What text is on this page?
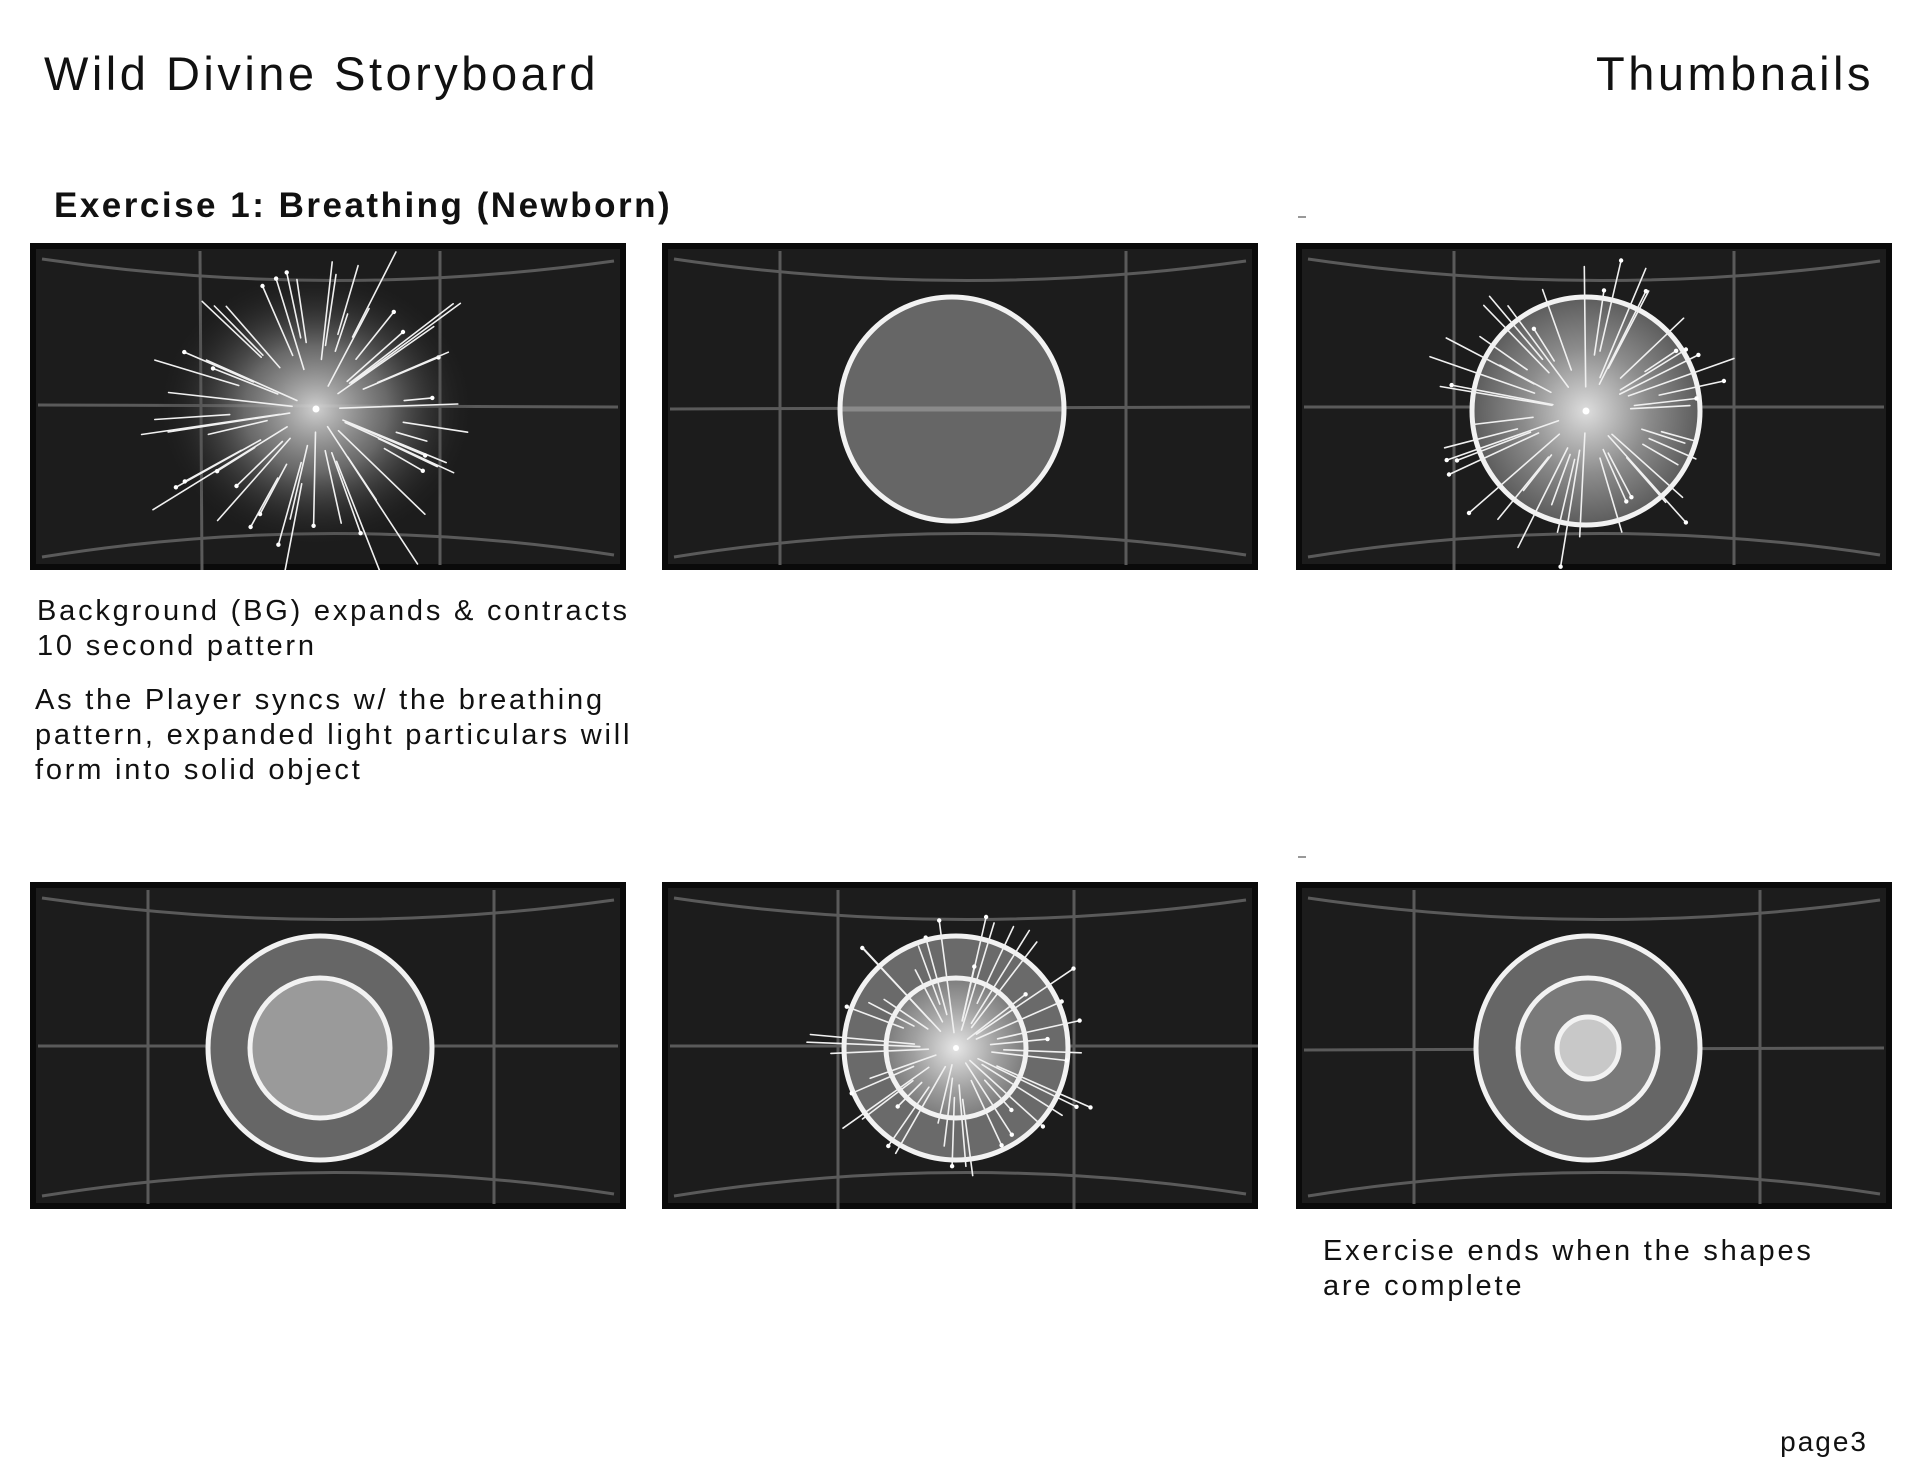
Wild Divine Storyboard	Thumbnails
Exercise 1: Breathing (Newborn)

Background (BG) expands & contracts
10 second pattern

As the Player syncs w/ the breathing
pattern, expanded light particulars will
form into solid object

Exercise ends when the shapes
are complete

page3
